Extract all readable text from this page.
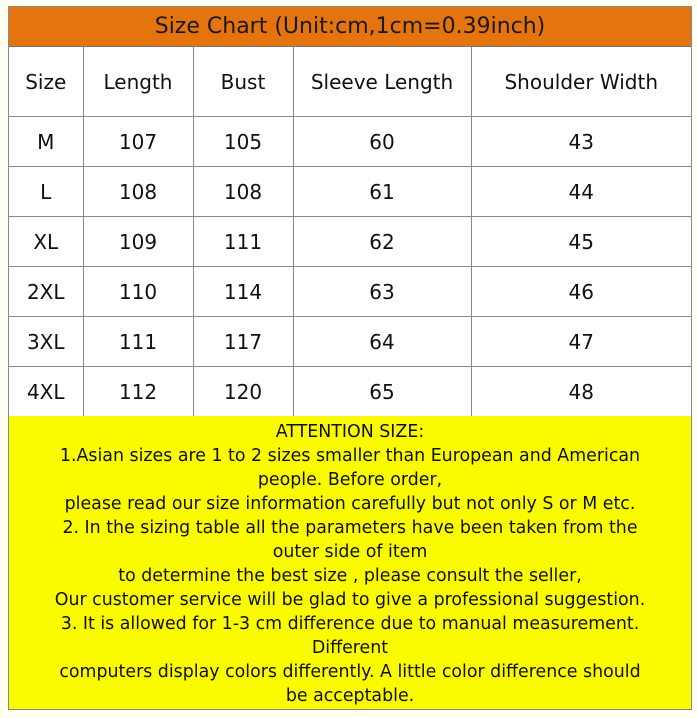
Size Chart (Unit:cm,1cm=0.39inch)
Size	Length	Bust	Sleeve Length	Shoulder Width
M	107	105	60	43
L	108	108	61	44
XL	109	111	62	45
2XL	110	114	63	46
3XL	111	117	64	47
4XL	112	120	65	48
ATTENTION SIZE:
1.Asian sizes are 1 to 2 sizes smaller than European and American
people. Before order,
please read our size information carefully but not only S or M etc.
2. In the sizing table all the parameters have been taken from the
outer side of item
to determine the best size , please consult the seller,
Our customer service will be glad to give a professional suggestion.
3. It is allowed for 1-3 cm difference due to manual measurement.
Different
computers display colors differently. A little color difference should
be acceptable.
